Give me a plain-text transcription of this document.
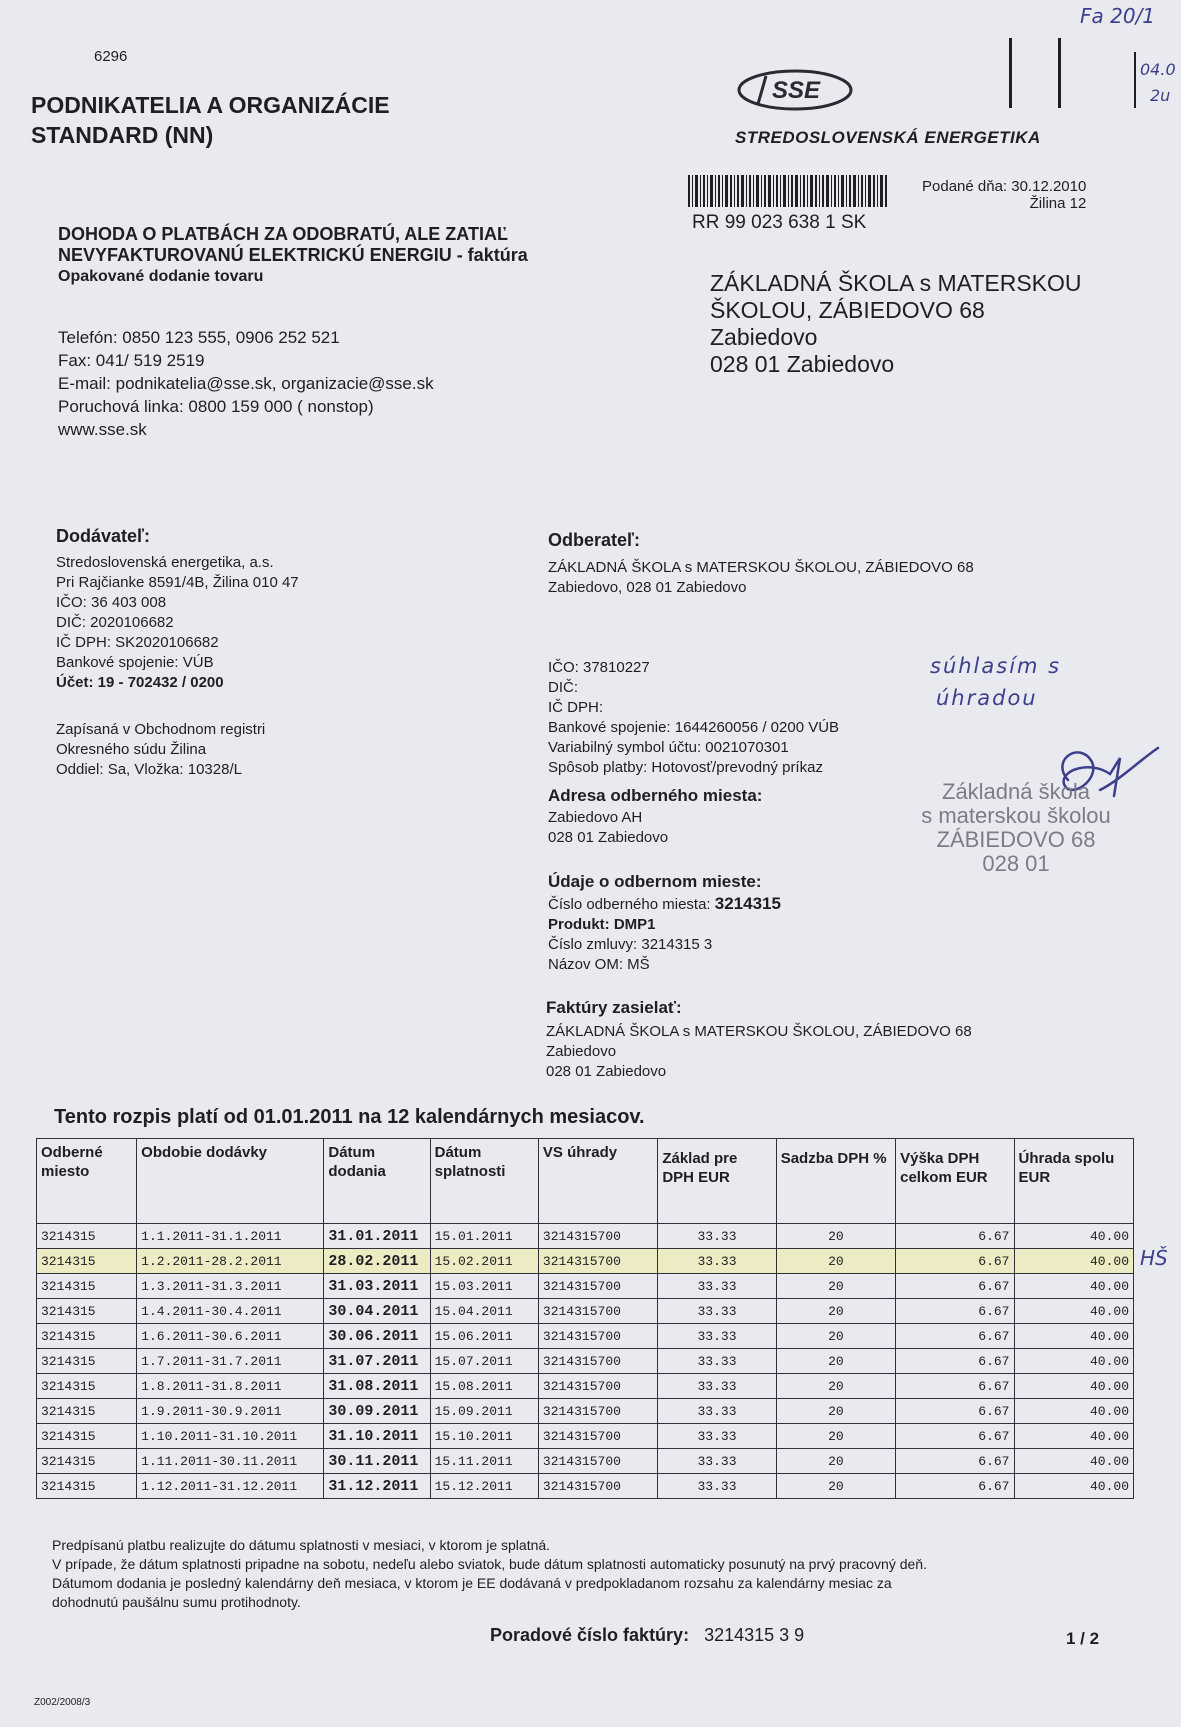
6296
PODNIKATELIA A ORGANIZÁCIE
STANDARD (NN)
SSE
STREDOSLOVENSKÁ ENERGETIKA
Fa 20/1
04.0
2u
RR 99 023 638 1 SK
Podané dňa: 30.12.2010
Žilina 12
DOHODA O PLATBÁCH ZA ODOBRATÚ, ALE ZATIAĽ
NEVYFAKTUROVANÚ ELEKTRICKÚ ENERGIU - faktúra
Opakované dodanie tovaru
Telefón: 0850 123 555, 0906 252 521
Fax: 041/ 519 2519
E-mail: podnikatelia@sse.sk, organizacie@sse.sk
Poruchová linka: 0800 159 000 ( nonstop)
www.sse.sk
ZÁKLADNÁ ŠKOLA s MATERSKOU
ŠKOLOU, ZÁBIEDOVO 68
Zabiedovo
028 01 Zabiedovo
Dodávateľ:
Stredoslovenská energetika, a.s.
Pri Rajčianke 8591/4B, Žilina 010 47
IČO: 36 403 008
DIČ: 2020106682
IČ DPH: SK2020106682
Bankové spojenie: VÚB
Účet: 19 - 702432 / 0200
Zapísaná v Obchodnom registri
Okresného súdu Žilina
Oddiel: Sa, Vložka: 10328/L
Odberateľ:
ZÁKLADNÁ ŠKOLA s MATERSKOU ŠKOLOU, ZÁBIEDOVO 68
Zabiedovo, 028 01 Zabiedovo
IČO: 37810227
DIČ:
IČ DPH:
Bankové spojenie: 1644260056 / 0200 VÚB
Variabilný symbol účtu: 0021070301
Spôsob platby: Hotovosť/prevodný príkaz
Adresa odberného miesta:
Zabiedovo AH
028 01 Zabiedovo
Údaje o odbernom mieste:
Číslo odberného miesta: 3214315
Produkt: DMP1
Číslo zmluvy: 3214315 3
Názov OM: MŠ
Faktúry zasielať:
ZÁKLADNÁ ŠKOLA s MATERSKOU ŠKOLOU, ZÁBIEDOVO 68
Zabiedovo
028 01 Zabiedovo
súhlasím s
úhradou
Základná škola
s materskou školou
ZÁBIEDOVO 68
028 01
Tento rozpis platí od 01.01.2011 na 12 kalendárnych mesiacov.
Odberné miesto	Obdobie dodávky	Dátum dodania	Dátum splatnosti	VS úhrady	Základ pre DPH EUR	Sadzba DPH %	Výška DPH celkom EUR	Úhrada spolu EUR
3214315	1.1.2011-31.1.2011	31.01.2011	15.01.2011	3214315700	33.33	20	6.67	40.00
3214315	1.2.2011-28.2.2011	28.02.2011	15.02.2011	3214315700	33.33	20	6.67	40.00
3214315	1.3.2011-31.3.2011	31.03.2011	15.03.2011	3214315700	33.33	20	6.67	40.00
3214315	1.4.2011-30.4.2011	30.04.2011	15.04.2011	3214315700	33.33	20	6.67	40.00
3214315	1.6.2011-30.6.2011	30.06.2011	15.06.2011	3214315700	33.33	20	6.67	40.00
3214315	1.7.2011-31.7.2011	31.07.2011	15.07.2011	3214315700	33.33	20	6.67	40.00
3214315	1.8.2011-31.8.2011	31.08.2011	15.08.2011	3214315700	33.33	20	6.67	40.00
3214315	1.9.2011-30.9.2011	30.09.2011	15.09.2011	3214315700	33.33	20	6.67	40.00
3214315	1.10.2011-31.10.2011	31.10.2011	15.10.2011	3214315700	33.33	20	6.67	40.00
3214315	1.11.2011-30.11.2011	30.11.2011	15.11.2011	3214315700	33.33	20	6.67	40.00
3214315	1.12.2011-31.12.2011	31.12.2011	15.12.2011	3214315700	33.33	20	6.67	40.00
HŠ
Predpísanú platbu realizujte do dátumu splatnosti v mesiaci, v ktorom je splatná.
V prípade, že dátum splatnosti pripadne na sobotu, nedeľu alebo sviatok, bude dátum splatnosti automaticky posunutý na prvý pracovný deň.
Dátumom dodania je posledný kalendárny deň mesiaca, v ktorom je EE dodávaná v predpokladanom rozsahu za kalendárny mesiac za
dohodnutú paušálnu sumu protihodnoty.
Poradové číslo faktúry: 3214315 3 9	1 / 2
Z002/2008/3
